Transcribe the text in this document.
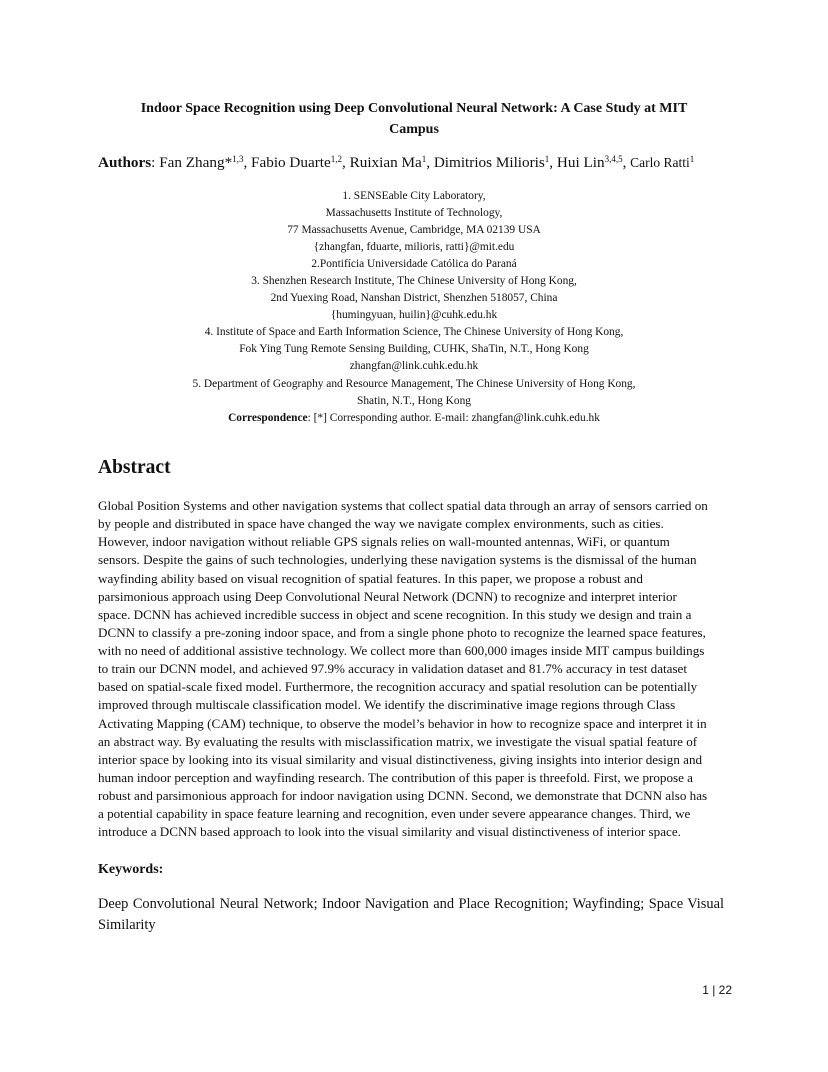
Indoor Space Recognition using Deep Convolutional Neural Network: A Case Study at MIT
Campus
Authors: Fan Zhang*$^{1,3}$, Fabio Duarte$^{1,2}$, Ruixian Ma$^1$, Dimitrios Milioris$^1$, Hui Lin$^{3,4,5}$, Carlo Ratti$^1$
1. SENSEable City Laboratory,
Massachusetts Institute of Technology,
77 Massachusetts Avenue, Cambridge, MA 02139 USA
{zhangfan, fduarte, milioris, ratti}@mit.edu
2.Pontifícia Universidade Católica do Paraná
3. Shenzhen Research Institute, The Chinese University of Hong Kong,
2nd Yuexing Road, Nanshan District, Shenzhen 518057, China
{humingyuan, huilin}@cuhk.edu.hk
4. Institute of Space and Earth Information Science, The Chinese University of Hong Kong,
Fok Ying Tung Remote Sensing Building, CUHK, ShaTin, N.T., Hong Kong
zhangfan@link.cuhk.edu.hk
5. Department of Geography and Resource Management, The Chinese University of Hong Kong,
Shatin, N.T., Hong Kong
Correspondence: [*] Corresponding author. E-mail: zhangfan@link.cuhk.edu.hk
Abstract
Global Position Systems and other navigation systems that collect spatial data through an array of sensors carried on
by people and distributed in space have changed the way we navigate complex environments, such as cities.
However, indoor navigation without reliable GPS signals relies on wall-mounted antennas, WiFi, or quantum
sensors. Despite the gains of such technologies, underlying these navigation systems is the dismissal of the human
wayfinding ability based on visual recognition of spatial features. In this paper, we propose a robust and
parsimonious approach using Deep Convolutional Neural Network (DCNN) to recognize and interpret interior
space. DCNN has achieved incredible success in object and scene recognition. In this study we design and train a
DCNN to classify a pre-zoning indoor space, and from a single phone photo to recognize the learned space features,
with no need of additional assistive technology. We collect more than 600,000 images inside MIT campus buildings
to train our DCNN model, and achieved 97.9% accuracy in validation dataset and 81.7% accuracy in test dataset
based on spatial-scale fixed model. Furthermore, the recognition accuracy and spatial resolution can be potentially
improved through multiscale classification model. We identify the discriminative image regions through Class
Activating Mapping (CAM) technique, to observe the model’s behavior in how to recognize space and interpret it in
an abstract way. By evaluating the results with misclassification matrix, we investigate the visual spatial feature of
interior space by looking into its visual similarity and visual distinctiveness, giving insights into interior design and
human indoor perception and wayfinding research. The contribution of this paper is threefold. First, we propose a
robust and parsimonious approach for indoor navigation using DCNN. Second, we demonstrate that DCNN also has
a potential capability in space feature learning and recognition, even under severe appearance changes. Third, we
introduce a DCNN based approach to look into the visual similarity and visual distinctiveness of interior space.
Keywords:
Deep Convolutional Neural Network; Indoor Navigation and Place Recognition; Wayfinding; Space Visual Similarity
1 | 22
